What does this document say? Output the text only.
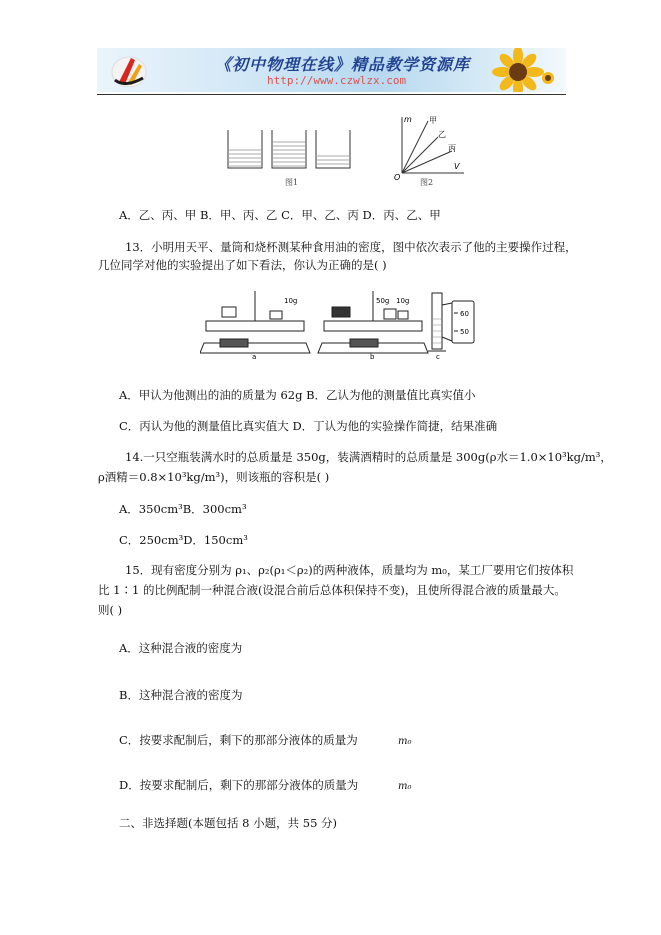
《初中物理在线》精品教学资源库
http://www.czwlzx.com
图1
m
V
O
甲
乙
丙
图2
A．乙、丙、甲 B．甲、丙、乙 C．甲、乙、丙 D．丙、乙、甲
13．小明用天平、量筒和烧杯测某种食用油的密度，图中依次表示了他的主要操作过程，
几位同学对他的实验提出了如下看法，你认为正确的是( )
10g
a
50g 10g
b
60
50
c
A．甲认为他测出的油的质量为 62g B．乙认为他的测量值比真实值小
C．丙认为他的测量值比真实值大 D．丁认为他的实验操作简捷，结果准确
14.一只空瓶装满水时的总质量是 350g，装满酒精时的总质量是 300g(ρ水＝1.0×10³kg/m³，
ρ酒精＝0.8×10³kg/m³)，则该瓶的容积是( )
A．350cm³B．300cm³
C．250cm³D．150cm³
15．现有密度分别为 ρ₁、ρ₂(ρ₁＜ρ₂)的两种液体，质量均为 m₀，某工厂要用它们按体积
比 1∶1 的比例配制一种混合液(设混合前后总体积保持不变)，且使所得混合液的质量最大。
则( )
A．这种混合液的密度为
B．这种混合液的密度为
C．按要求配制后，剩下的那部分液体的质量为	m₀
D．按要求配制后，剩下的那部分液体的质量为	m₀
二、非选择题(本题包括 8 小题，共 55 分)
